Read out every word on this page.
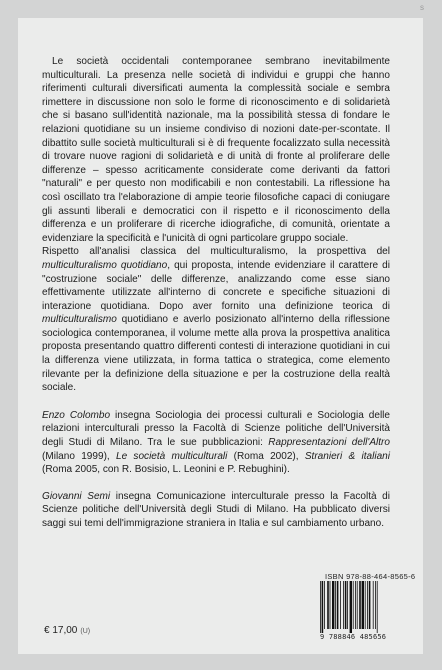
s

Le società occidentali contemporanee sembrano inevitabilmente multiculturali. La presenza nelle società di individui e gruppi che hanno riferimenti culturali diversificati aumenta la complessità sociale e sembra rimettere in discussione non solo le forme di riconoscimento e di solidarietà che si basano sull'identità nazionale, ma la possibilità stessa di fondare le relazioni quotidiane su un insieme condiviso di nozioni date-per-scontate. Il dibattito sulle società multiculturali si è di frequente focalizzato sulla necessità di trovare nuove ragioni di solidarietà e di unità di fronte al proliferare delle differenze – spesso acriticamente considerate come derivanti da fattori "naturali" e per questo non modificabili e non contestabili. La riflessione ha così oscillato tra l'elaborazione di ampie teorie filosofiche capaci di coniugare gli assunti liberali e democratici con il rispetto e il riconoscimento della differenza e un proliferare di ricerche idiografiche, di comunità, orientate a evidenziare la specificità e l'unicità di ogni particolare gruppo sociale.

Rispetto all'analisi classica del multiculturalismo, la prospettiva del multiculturalismo quotidiano, qui proposta, intende evidenziare il carattere di "costruzione sociale" delle differenze, analizzando come esse siano effettivamente utilizzate all'interno di concrete e specifiche situazioni di interazione quotidiana. Dopo aver fornito una definizione teorica di multiculturalismo quotidiano e averlo posizionato all'interno della riflessione sociologica contemporanea, il volume mette alla prova la prospettiva analitica proposta presentando quattro differenti contesti di interazione quotidiani in cui la differenza viene utilizzata, in forma tattica o strategica, come elemento rilevante per la definizione della situazione e per la costruzione della realtà sociale.

Enzo Colombo insegna Sociologia dei processi culturali e Sociologia delle relazioni interculturali presso la Facoltà di Scienze politiche dell'Università degli Studi di Milano. Tra le sue pubblicazioni: Rappresentazioni dell'Altro (Milano 1999), Le società multiculturali (Roma 2002), Stranieri & italiani (Roma 2005, con R. Bosisio, L. Leonini e P. Rebughini).

Giovanni Semi insegna Comunicazione interculturale presso la Facoltà di Scienze politiche dell'Università degli Studi di Milano. Ha pubblicato diversi saggi sui temi dell'immigrazione straniera in Italia e sul cambiamento urbano.

ISBN 978-88-464-8565-6
9 788846 485656
€ 17,00 (U)
